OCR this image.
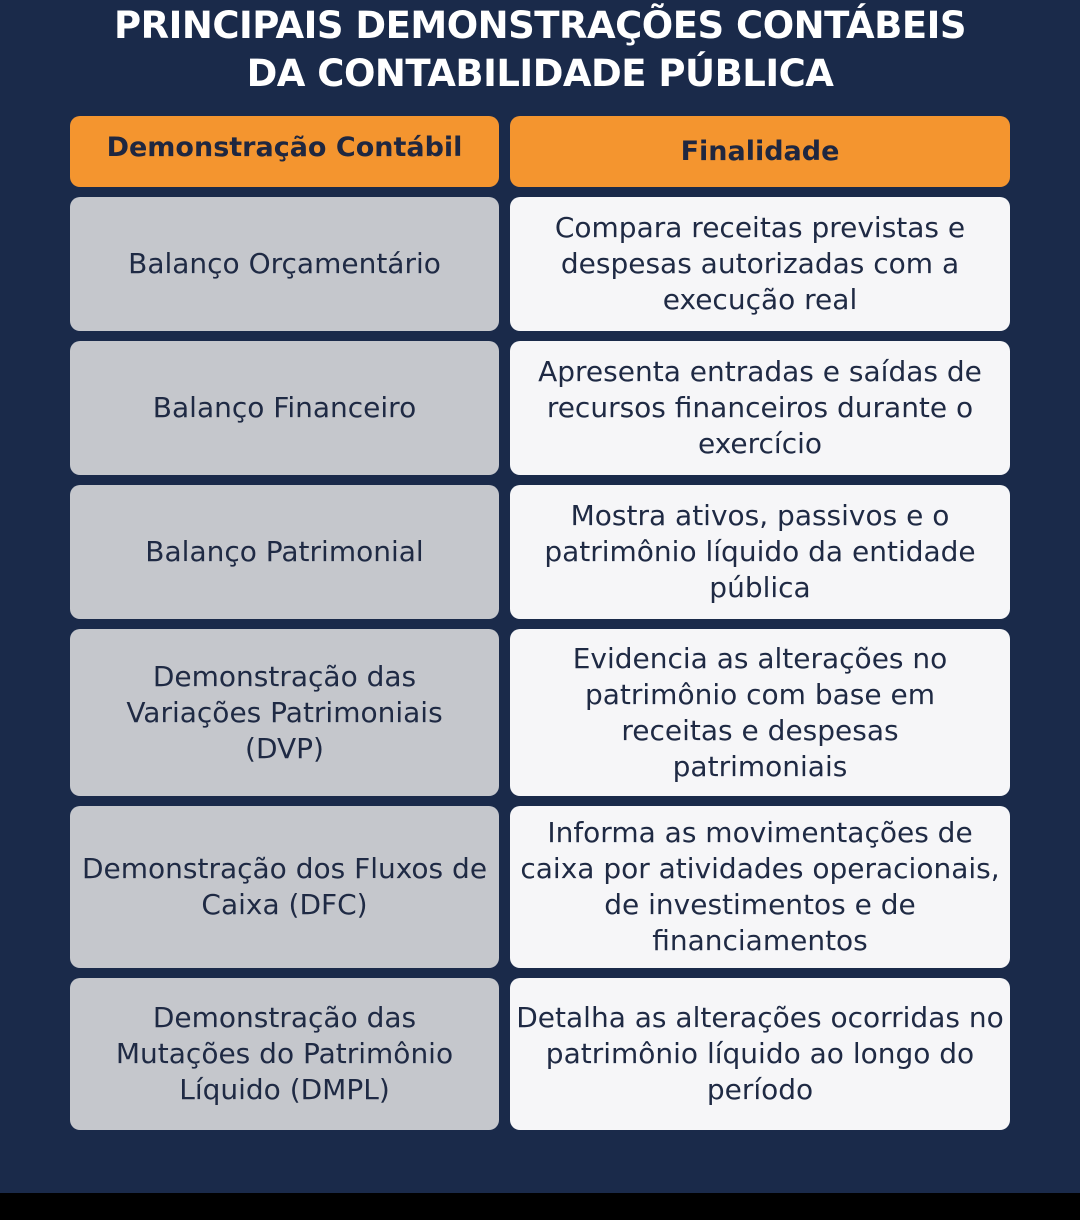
PRINCIPAIS DEMONSTRAÇÕES CONTÁBEIS
DA CONTABILIDADE PÚBLICA
Demonstração Contábil	Finalidade
Balanço Orçamentário
Compara receitas previstas e despesas autorizadas com a execução real
Balanço Financeiro
Apresenta entradas e saídas de recursos financeiros durante o exercício
Balanço Patrimonial
Mostra ativos, passivos e o patrimônio líquido da entidade pública
Demonstração das Variações Patrimoniais (DVP)
Evidencia as alterações no patrimônio com base em receitas e despesas patrimoniais
Demonstração dos Fluxos de Caixa (DFC)
Informa as movimentações de caixa por atividades operacionais, de investimentos e de financiamentos
Demonstração das Mutações do Patrimônio Líquido (DMPL)
Detalha as alterações ocorridas no patrimônio líquido ao longo do período
